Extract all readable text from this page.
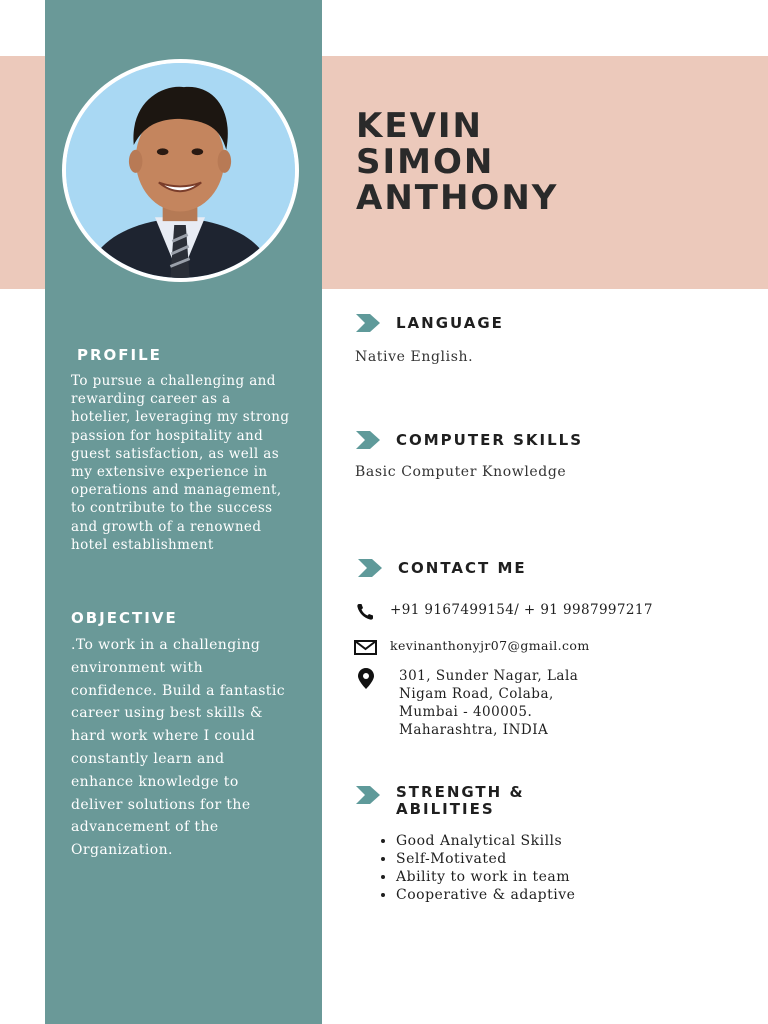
KEVIN
SIMON
ANTHONY
PROFILE

To pursue a challenging and rewarding career as a hotelier, leveraging my strong passion for hospitality and guest satisfaction, as well as my extensive experience in operations and management, to contribute to the success and growth of a renowned hotel establishment

OBJECTIVE

.To work in a challenging environment with confidence. Build a fantastic career using best skills & hard work where I could constantly learn and enhance knowledge to deliver solutions for the advancement of the Organization.

LANGUAGE

Native English.

COMPUTER SKILLS

Basic Computer Knowledge

CONTACT ME
+91 9167499154/ + 91 9987997217
kevinanthonyjr07@gmail.com
301, Sunder Nagar, Lala
Nigam Road, Colaba,
Mumbai - 400005.
Maharashtra, INDIA
STRENGTH &
ABILITIES
• Good Analytical Skills
• Self-Motivated
• Ability to work in team
• Cooperative & adaptive
